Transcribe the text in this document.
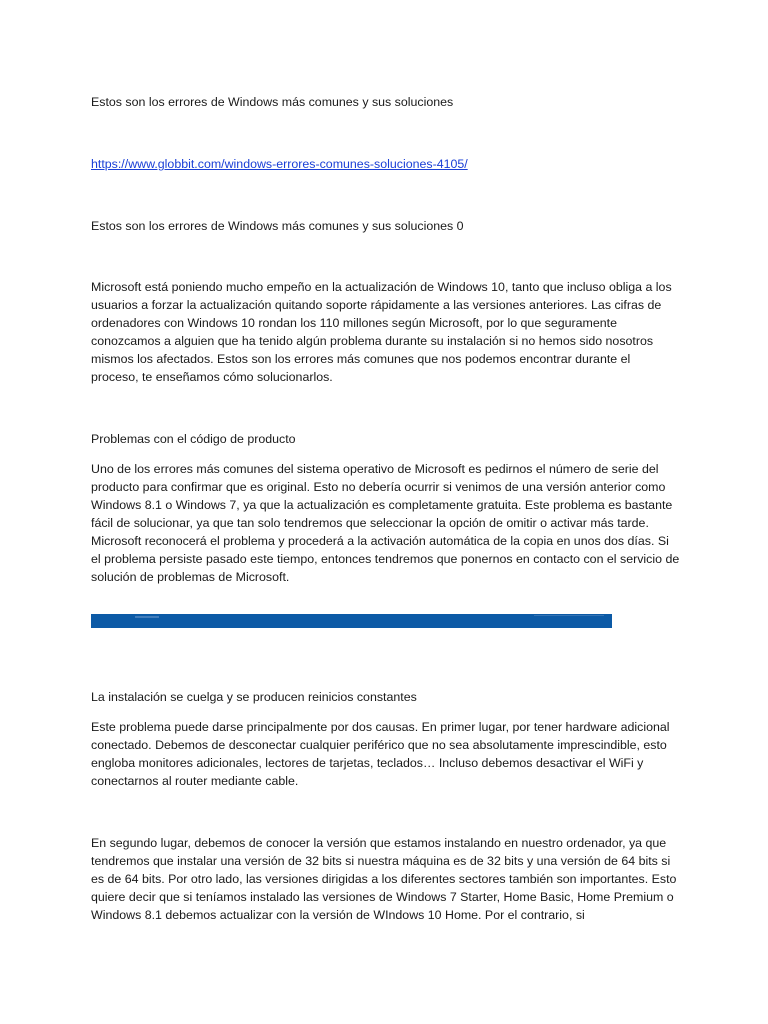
Estos son los errores de Windows más comunes y sus soluciones

https://www.globbit.com/windows-errores-comunes-soluciones-4105/

Estos son los errores de Windows más comunes y sus soluciones 0

Microsoft está poniendo mucho empeño en la actualización de Windows 10, tanto que incluso obliga a los usuarios a forzar la actualización quitando soporte rápidamente a las versiones anteriores. Las cifras de ordenadores con Windows 10 rondan los 110 millones según Microsoft, por lo que seguramente conozcamos a alguien que ha tenido algún problema durante su instalación si no hemos sido nosotros mismos los afectados. Estos son los errores más comunes que nos podemos encontrar durante el proceso, te enseñamos cómo solucionarlos.

Problemas con el código de producto

Uno de los errores más comunes del sistema operativo de Microsoft es pedirnos el número de serie del producto para confirmar que es original. Esto no debería ocurrir si venimos de una versión anterior como Windows 8.1 o Windows 7, ya que la actualización es completamente gratuita. Este problema es bastante fácil de solucionar, ya que tan solo tendremos que seleccionar la opción de omitir o activar más tarde. Microsoft reconocerá el problema y procederá a la activación automática de la copia en unos dos días. Si el problema persiste pasado este tiempo, entonces tendremos que ponernos en contacto con el servicio de solución de problemas de Microsoft.

La instalación se cuelga y se producen reinicios constantes

Este problema puede darse principalmente por dos causas. En primer lugar, por tener hardware adicional conectado. Debemos de desconectar cualquier periférico que no sea absolutamente imprescindible, esto engloba monitores adicionales, lectores de tarjetas, teclados… Incluso debemos desactivar el WiFi y conectarnos al router mediante cable.

En segundo lugar, debemos de conocer la versión que estamos instalando en nuestro ordenador, ya que tendremos que instalar una versión de 32 bits si nuestra máquina es de 32 bits y una versión de 64 bits si es de 64 bits. Por otro lado, las versiones dirigidas a los diferentes sectores también son importantes. Esto quiere decir que si teníamos instalado las versiones de Windows 7 Starter, Home Basic, Home Premium o Windows 8.1 debemos actualizar con la versión de WIndows 10 Home. Por el contrario, si
